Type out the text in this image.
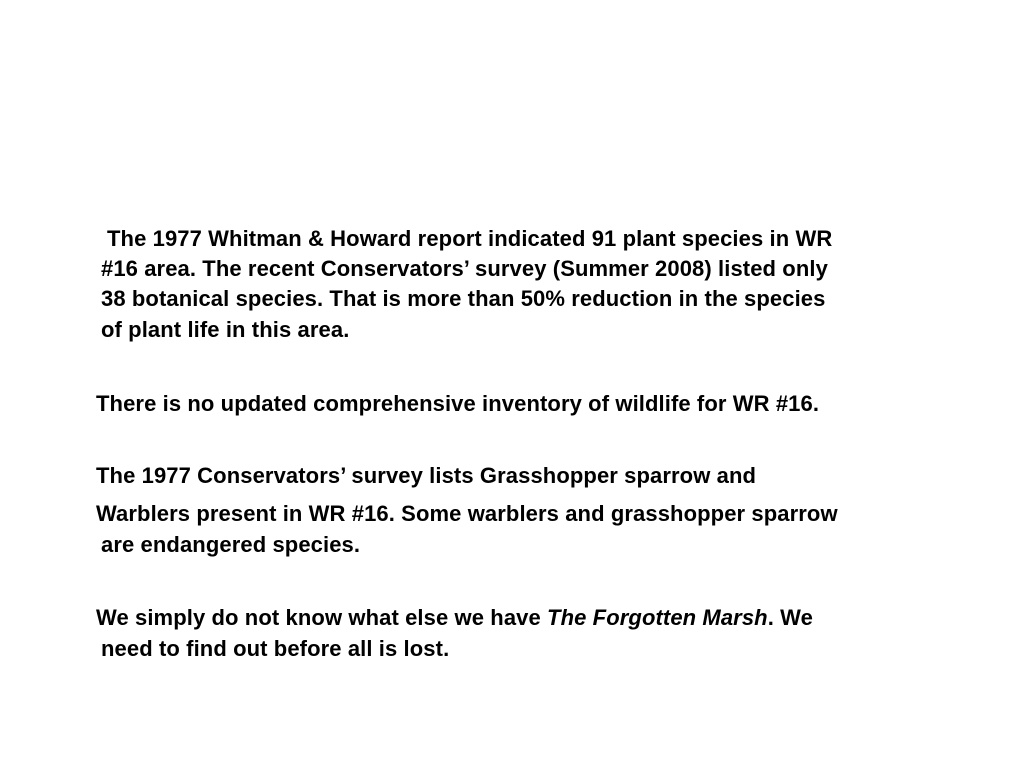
The 1977 Whitman & Howard report indicated 91 plant species in WR
#16 area. The recent Conservators’ survey (Summer 2008) listed only
38 botanical species. That is more than 50% reduction in the species
of plant life in this area.
There is no updated comprehensive inventory of wildlife for WR #16.
The 1977 Conservators’ survey lists Grasshopper sparrow and
Warblers present in WR #16. Some warblers and grasshopper sparrow
are endangered species.
We simply do not know what else we have The Forgotten Marsh. We
need to find out before all is lost.
